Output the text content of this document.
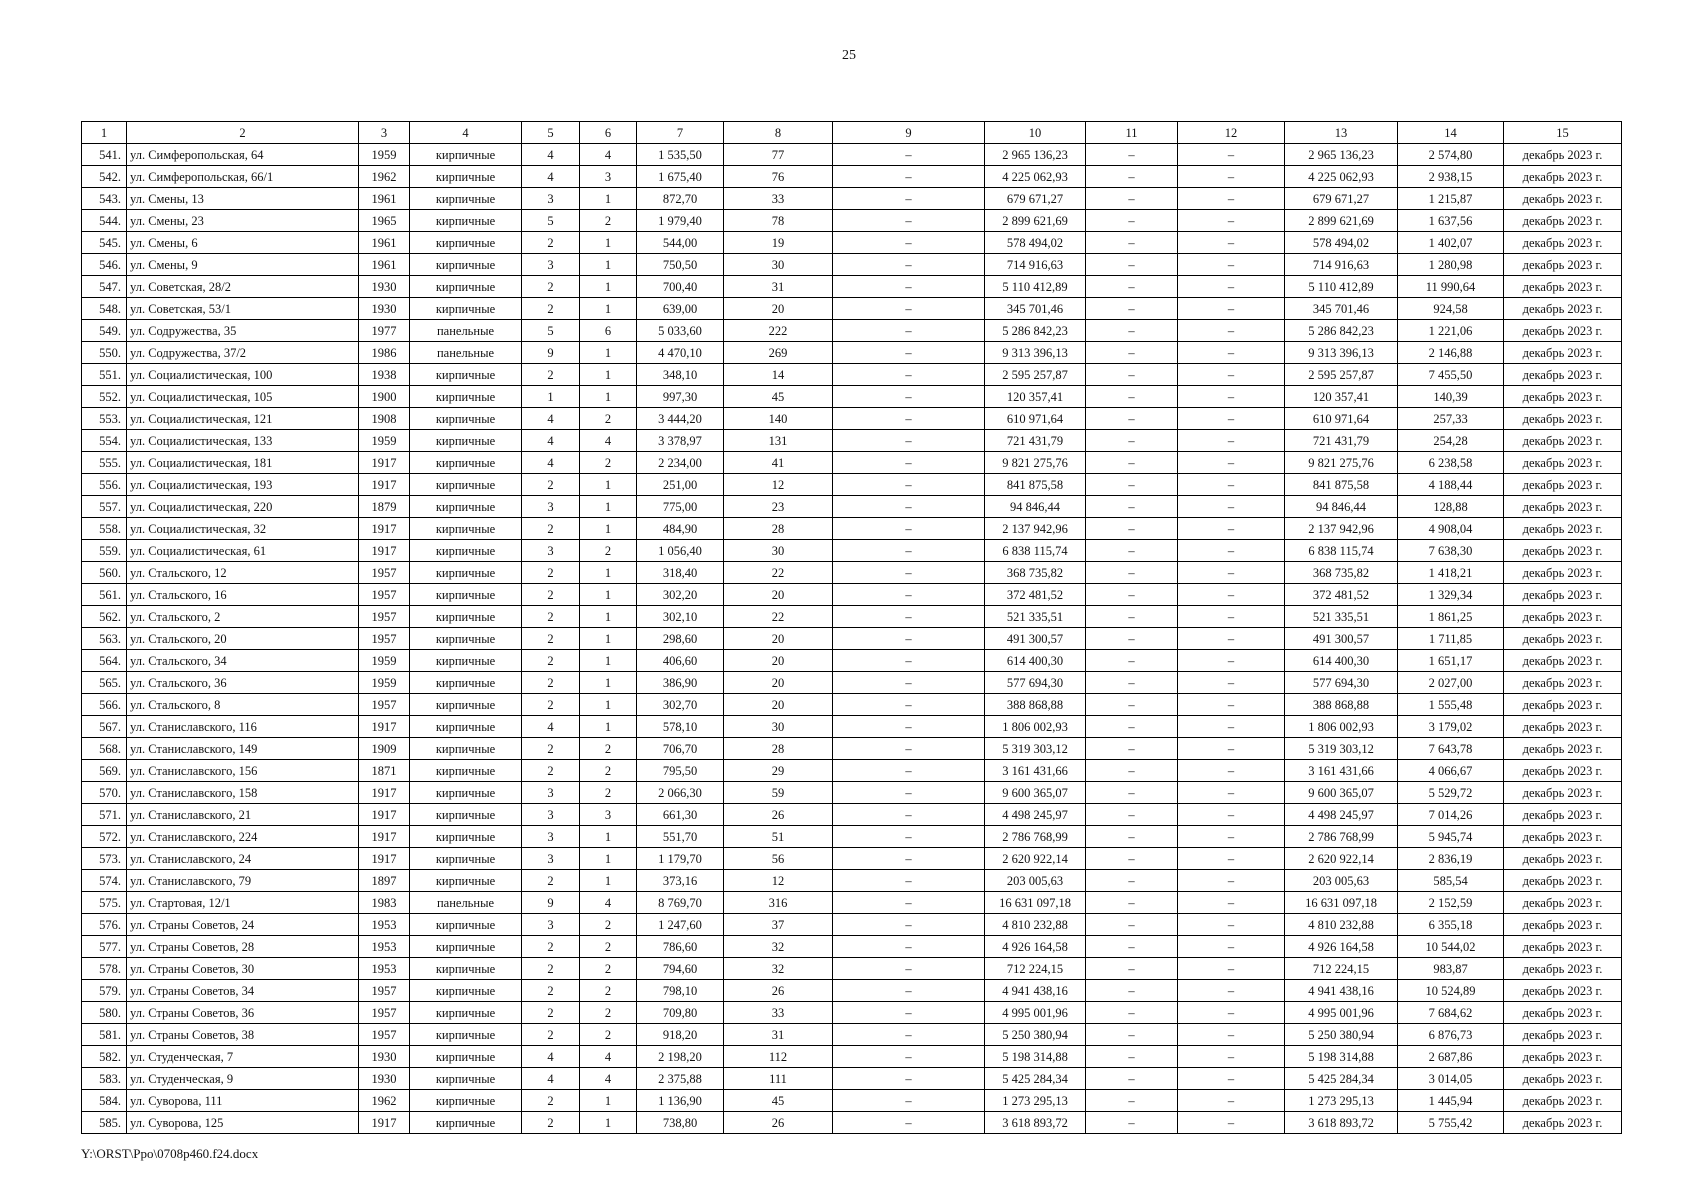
25
1	2	3	4	5	6	7	8	9	10	11	12	13	14	15
541.	ул. Симферопольская, 64	1959	кирпичные	4	4	1 535,50	77	–	2 965 136,23	–	–	2 965 136,23	2 574,80	декабрь 2023 г.
542.	ул. Симферопольская, 66/1	1962	кирпичные	4	3	1 675,40	76	–	4 225 062,93	–	–	4 225 062,93	2 938,15	декабрь 2023 г.
543.	ул. Смены, 13	1961	кирпичные	3	1	872,70	33	–	679 671,27	–	–	679 671,27	1 215,87	декабрь 2023 г.
544.	ул. Смены, 23	1965	кирпичные	5	2	1 979,40	78	–	2 899 621,69	–	–	2 899 621,69	1 637,56	декабрь 2023 г.
545.	ул. Смены, 6	1961	кирпичные	2	1	544,00	19	–	578 494,02	–	–	578 494,02	1 402,07	декабрь 2023 г.
546.	ул. Смены, 9	1961	кирпичные	3	1	750,50	30	–	714 916,63	–	–	714 916,63	1 280,98	декабрь 2023 г.
547.	ул. Советская, 28/2	1930	кирпичные	2	1	700,40	31	–	5 110 412,89	–	–	5 110 412,89	11 990,64	декабрь 2023 г.
548.	ул. Советская, 53/1	1930	кирпичные	2	1	639,00	20	–	345 701,46	–	–	345 701,46	924,58	декабрь 2023 г.
549.	ул. Содружества, 35	1977	панельные	5	6	5 033,60	222	–	5 286 842,23	–	–	5 286 842,23	1 221,06	декабрь 2023 г.
550.	ул. Содружества, 37/2	1986	панельные	9	1	4 470,10	269	–	9 313 396,13	–	–	9 313 396,13	2 146,88	декабрь 2023 г.
551.	ул. Социалистическая, 100	1938	кирпичные	2	1	348,10	14	–	2 595 257,87	–	–	2 595 257,87	7 455,50	декабрь 2023 г.
552.	ул. Социалистическая, 105	1900	кирпичные	1	1	997,30	45	–	120 357,41	–	–	120 357,41	140,39	декабрь 2023 г.
553.	ул. Социалистическая, 121	1908	кирпичные	4	2	3 444,20	140	–	610 971,64	–	–	610 971,64	257,33	декабрь 2023 г.
554.	ул. Социалистическая, 133	1959	кирпичные	4	4	3 378,97	131	–	721 431,79	–	–	721 431,79	254,28	декабрь 2023 г.
555.	ул. Социалистическая, 181	1917	кирпичные	4	2	2 234,00	41	–	9 821 275,76	–	–	9 821 275,76	6 238,58	декабрь 2023 г.
556.	ул. Социалистическая, 193	1917	кирпичные	2	1	251,00	12	–	841 875,58	–	–	841 875,58	4 188,44	декабрь 2023 г.
557.	ул. Социалистическая, 220	1879	кирпичные	3	1	775,00	23	–	94 846,44	–	–	94 846,44	128,88	декабрь 2023 г.
558.	ул. Социалистическая, 32	1917	кирпичные	2	1	484,90	28	–	2 137 942,96	–	–	2 137 942,96	4 908,04	декабрь 2023 г.
559.	ул. Социалистическая, 61	1917	кирпичные	3	2	1 056,40	30	–	6 838 115,74	–	–	6 838 115,74	7 638,30	декабрь 2023 г.
560.	ул. Стальского, 12	1957	кирпичные	2	1	318,40	22	–	368 735,82	–	–	368 735,82	1 418,21	декабрь 2023 г.
561.	ул. Стальского, 16	1957	кирпичные	2	1	302,20	20	–	372 481,52	–	–	372 481,52	1 329,34	декабрь 2023 г.
562.	ул. Стальского, 2	1957	кирпичные	2	1	302,10	22	–	521 335,51	–	–	521 335,51	1 861,25	декабрь 2023 г.
563.	ул. Стальского, 20	1957	кирпичные	2	1	298,60	20	–	491 300,57	–	–	491 300,57	1 711,85	декабрь 2023 г.
564.	ул. Стальского, 34	1959	кирпичные	2	1	406,60	20	–	614 400,30	–	–	614 400,30	1 651,17	декабрь 2023 г.
565.	ул. Стальского, 36	1959	кирпичные	2	1	386,90	20	–	577 694,30	–	–	577 694,30	2 027,00	декабрь 2023 г.
566.	ул. Стальского, 8	1957	кирпичные	2	1	302,70	20	–	388 868,88	–	–	388 868,88	1 555,48	декабрь 2023 г.
567.	ул. Станиславского, 116	1917	кирпичные	4	1	578,10	30	–	1 806 002,93	–	–	1 806 002,93	3 179,02	декабрь 2023 г.
568.	ул. Станиславского, 149	1909	кирпичные	2	2	706,70	28	–	5 319 303,12	–	–	5 319 303,12	7 643,78	декабрь 2023 г.
569.	ул. Станиславского, 156	1871	кирпичные	2	2	795,50	29	–	3 161 431,66	–	–	3 161 431,66	4 066,67	декабрь 2023 г.
570.	ул. Станиславского, 158	1917	кирпичные	3	2	2 066,30	59	–	9 600 365,07	–	–	9 600 365,07	5 529,72	декабрь 2023 г.
571.	ул. Станиславского, 21	1917	кирпичные	3	3	661,30	26	–	4 498 245,97	–	–	4 498 245,97	7 014,26	декабрь 2023 г.
572.	ул. Станиславского, 224	1917	кирпичные	3	1	551,70	51	–	2 786 768,99	–	–	2 786 768,99	5 945,74	декабрь 2023 г.
573.	ул. Станиславского, 24	1917	кирпичные	3	1	1 179,70	56	–	2 620 922,14	–	–	2 620 922,14	2 836,19	декабрь 2023 г.
574.	ул. Станиславского, 79	1897	кирпичные	2	1	373,16	12	–	203 005,63	–	–	203 005,63	585,54	декабрь 2023 г.
575.	ул. Стартовая, 12/1	1983	панельные	9	4	8 769,70	316	–	16 631 097,18	–	–	16 631 097,18	2 152,59	декабрь 2023 г.
576.	ул. Страны Советов, 24	1953	кирпичные	3	2	1 247,60	37	–	4 810 232,88	–	–	4 810 232,88	6 355,18	декабрь 2023 г.
577.	ул. Страны Советов, 28	1953	кирпичные	2	2	786,60	32	–	4 926 164,58	–	–	4 926 164,58	10 544,02	декабрь 2023 г.
578.	ул. Страны Советов, 30	1953	кирпичные	2	2	794,60	32	–	712 224,15	–	–	712 224,15	983,87	декабрь 2023 г.
579.	ул. Страны Советов, 34	1957	кирпичные	2	2	798,10	26	–	4 941 438,16	–	–	4 941 438,16	10 524,89	декабрь 2023 г.
580.	ул. Страны Советов, 36	1957	кирпичные	2	2	709,80	33	–	4 995 001,96	–	–	4 995 001,96	7 684,62	декабрь 2023 г.
581.	ул. Страны Советов, 38	1957	кирпичные	2	2	918,20	31	–	5 250 380,94	–	–	5 250 380,94	6 876,73	декабрь 2023 г.
582.	ул. Студенческая, 7	1930	кирпичные	4	4	2 198,20	112	–	5 198 314,88	–	–	5 198 314,88	2 687,86	декабрь 2023 г.
583.	ул. Студенческая, 9	1930	кирпичные	4	4	2 375,88	111	–	5 425 284,34	–	–	5 425 284,34	3 014,05	декабрь 2023 г.
584.	ул. Суворова, 111	1962	кирпичные	2	1	1 136,90	45	–	1 273 295,13	–	–	1 273 295,13	1 445,94	декабрь 2023 г.
585.	ул. Суворова, 125	1917	кирпичные	2	1	738,80	26	–	3 618 893,72	–	–	3 618 893,72	5 755,42	декабрь 2023 г.
Y:\ORST\Ppo\0708p460.f24.docx
